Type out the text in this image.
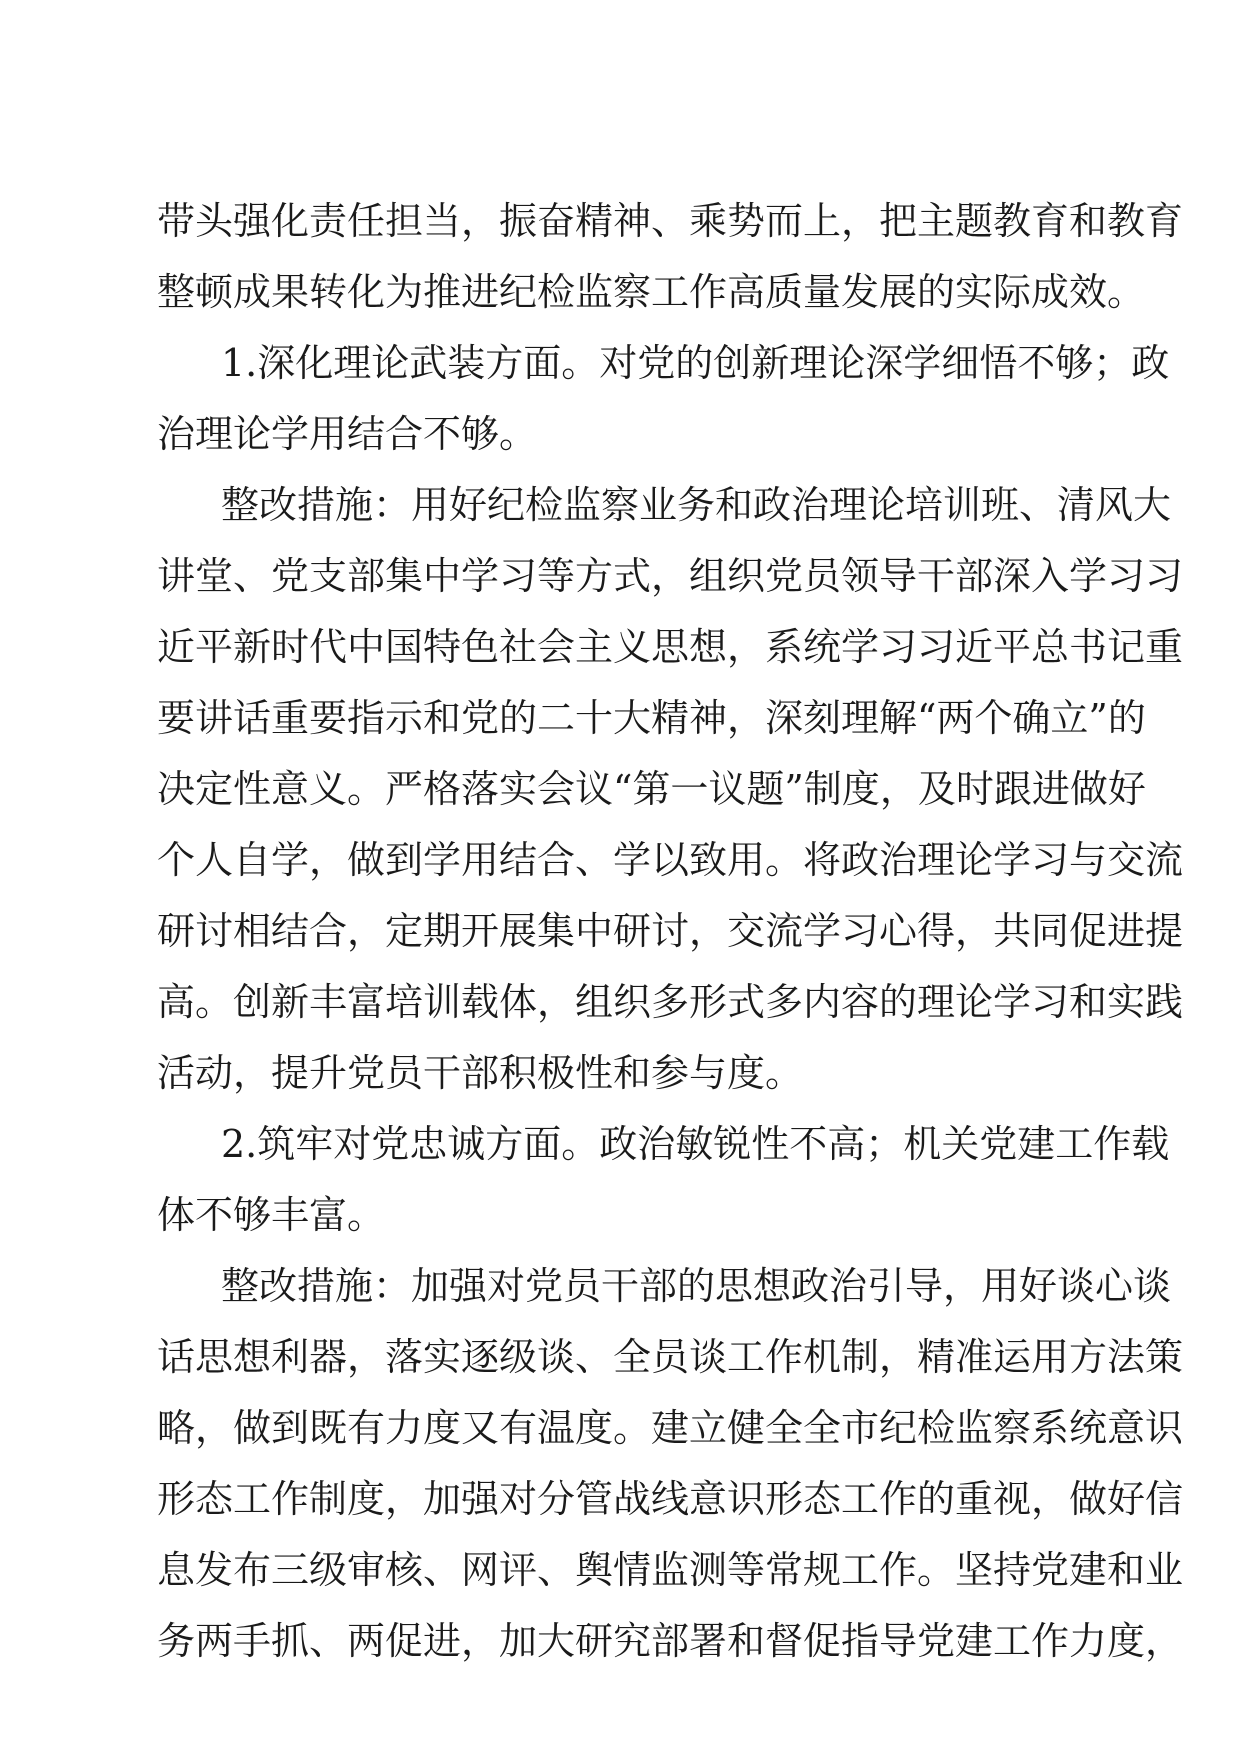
带头强化责任担当，振奋精神、乘势而上，把主题教育和教育
整顿成果转化为推进纪检监察工作高质量发展的实际成效。
1.深化理论武装方面。对党的创新理论深学细悟不够；政
治理论学用结合不够。
整改措施：用好纪检监察业务和政治理论培训班、清风大
讲堂、党支部集中学习等方式，组织党员领导干部深入学习习
近平新时代中国特色社会主义思想，系统学习习近平总书记重
要讲话重要指示和党的二十大精神，深刻理解“两个确立”的
决定性意义。严格落实会议“第一议题”制度，及时跟进做好
个人自学，做到学用结合、学以致用。将政治理论学习与交流
研讨相结合，定期开展集中研讨，交流学习心得，共同促进提
高。创新丰富培训载体，组织多形式多内容的理论学习和实践
活动，提升党员干部积极性和参与度。
2.筑牢对党忠诚方面。政治敏锐性不高；机关党建工作载
体不够丰富。
整改措施：加强对党员干部的思想政治引导，用好谈心谈
话思想利器，落实逐级谈、全员谈工作机制，精准运用方法策
略，做到既有力度又有温度。建立健全全市纪检监察系统意识
形态工作制度，加强对分管战线意识形态工作的重视，做好信
息发布三级审核、网评、舆情监测等常规工作。坚持党建和业
务两手抓、两促进，加大研究部署和督促指导党建工作力度，
